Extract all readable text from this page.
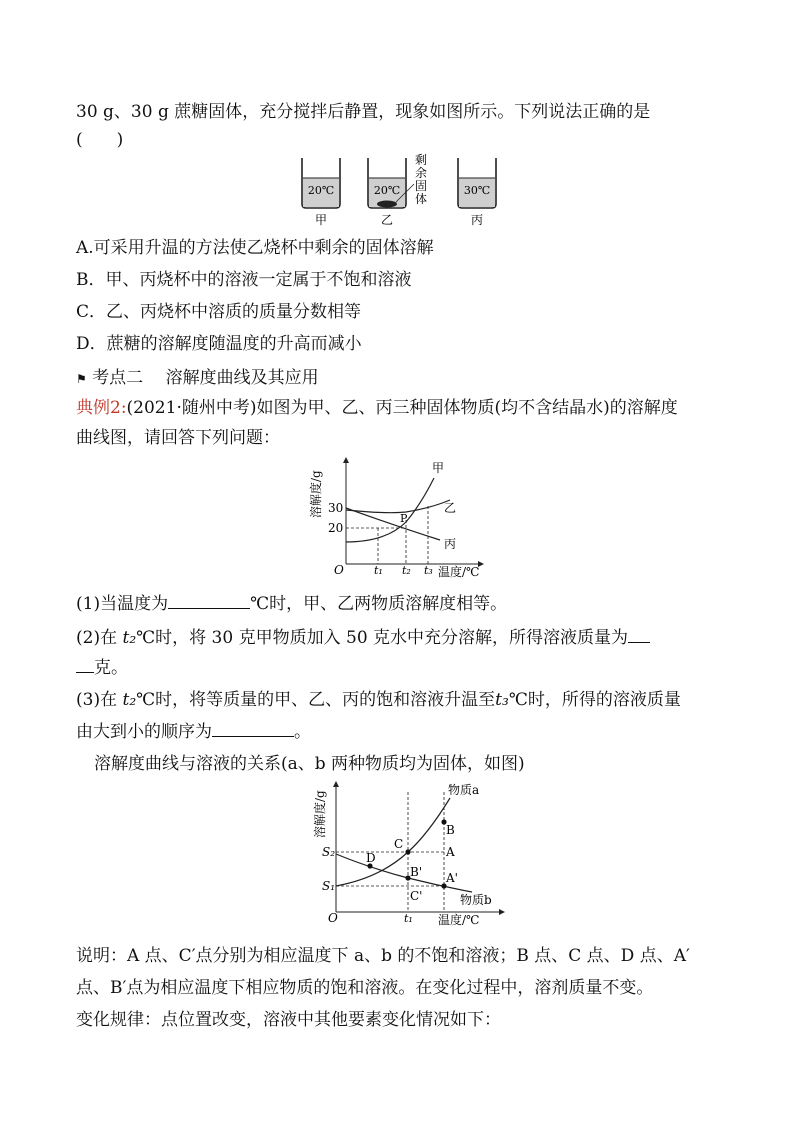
30 g、30 g 蔗糖固体，充分搅拌后静置，现象如图所示。下列说法正确的是
(　　)
20℃
甲
20℃
乙
剩
余
固
体
30℃
丙
A.可采用升温的方法使乙烧杯中剩余的固体溶解
B．甲、丙烧杯中的溶液一定属于不饱和溶液
C．乙、丙烧杯中溶质的质量分数相等
D．蔗糖的溶解度随温度的升高而减小
⚑ 考点二　 溶解度曲线及其应用
典例2:(2021·随州中考)如图为甲、乙、丙三种固体物质(均不含结晶水)的溶解度
曲线图，请回答下列问题：
溶解度/g
O
30
20
甲
乙
丙
P
t₁ t₂ t₃ 温度/℃
(1)当温度为	℃时，甲、乙两物质溶解度相等。
(2)在 t₂℃时，将 30 克甲物质加入 50 克水中充分溶解，所得溶液质量为
克。
(3)在 t₂℃时，将等质量的甲、乙、丙的饱和溶液升温至t₃℃时，所得的溶液质量
由大到小的顺序为	。
溶解度曲线与溶液的关系(a、b 两种物质均为固体，如图)
溶解度/g
O
S₂
S₁
物质a
物质b
B
A
C
D
A'
B'
C'
t₁ 温度/℃
说明：A 点、C′点分别为相应温度下 a、b 的不饱和溶液；B 点、C 点、D 点、A′
点、B′点为相应温度下相应物质的饱和溶液。在变化过程中，溶剂质量不变。
变化规律：点位置改变，溶液中其他要素变化情况如下：
